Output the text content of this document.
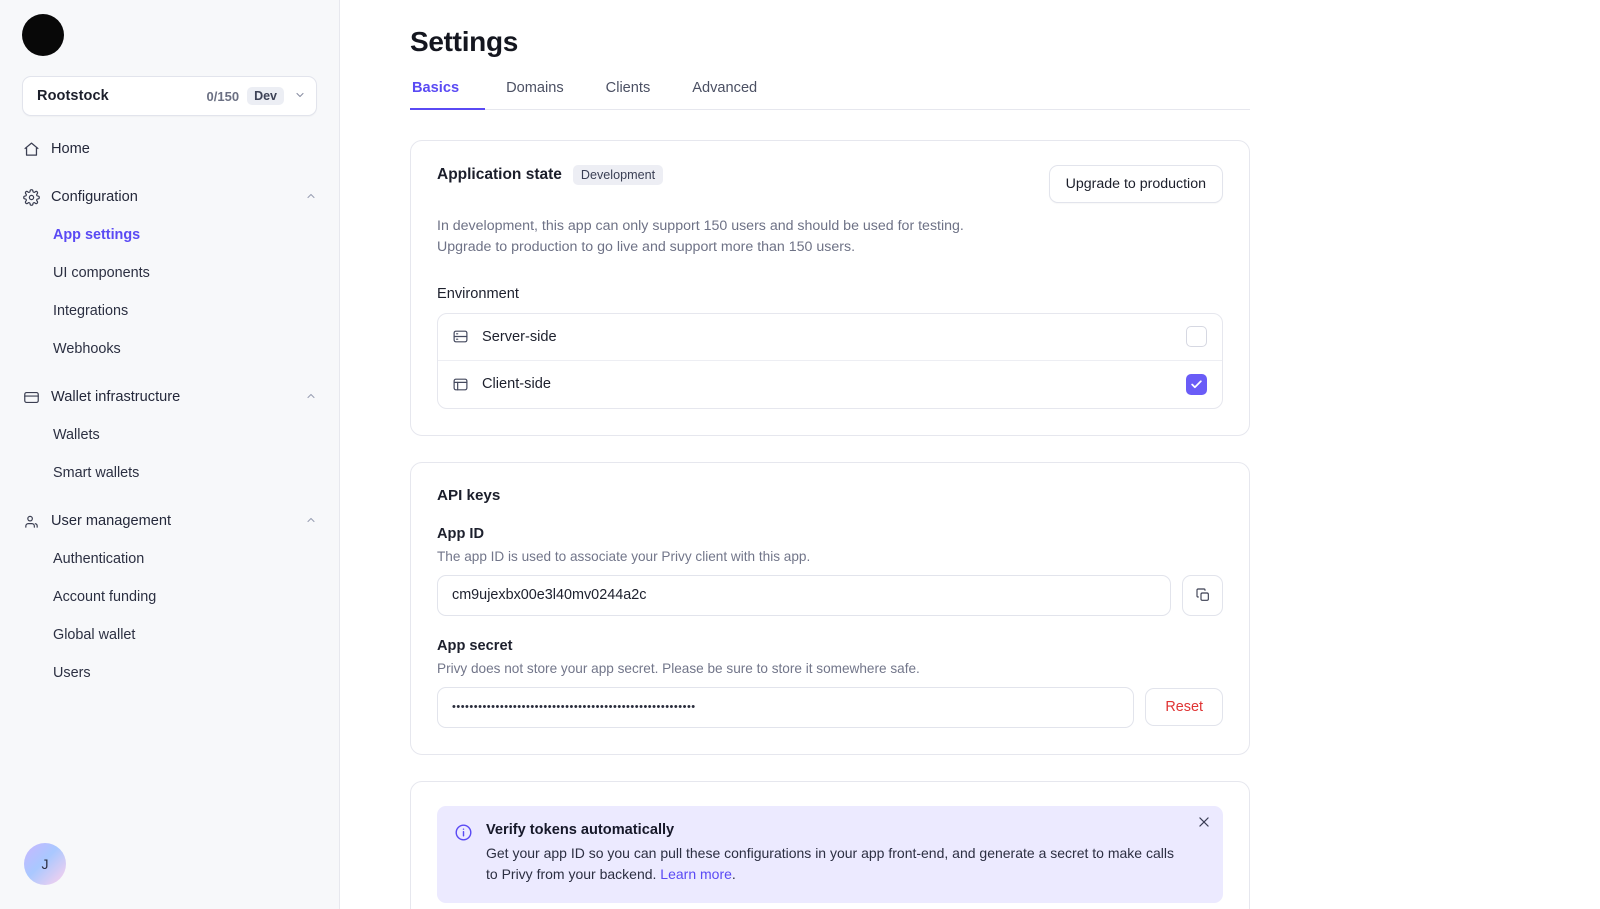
Rootstock	0/150	Dev
Home
Configuration
App settings
UI components
Integrations
Webhooks
Wallet infrastructure
Wallets
Smart wallets
User management
Authentication
Account funding
Global wallet
Users
J
Settings
Basics	Domains	Clients	Advanced
Application state	Development
Upgrade to production

In development, this app can only support 150 users and should be used for testing. Upgrade to production to go live and support more than 150 users.

Environment
Server-side
Client-side
API keys
App ID
The app ID is used to associate your Privy client with this app.
cm9ujexbx00e3l40mv0244a2c
App secret
Privy does not store your app secret. Please be sure to store it somewhere safe.
••••••••••••••••••••••••••••••••••••••••••••••••••••••••	Reset
Verify tokens automatically
Get your app ID so you can pull these configurations in your app front-end, and generate a secret to make calls to Privy from your backend. Learn more.
